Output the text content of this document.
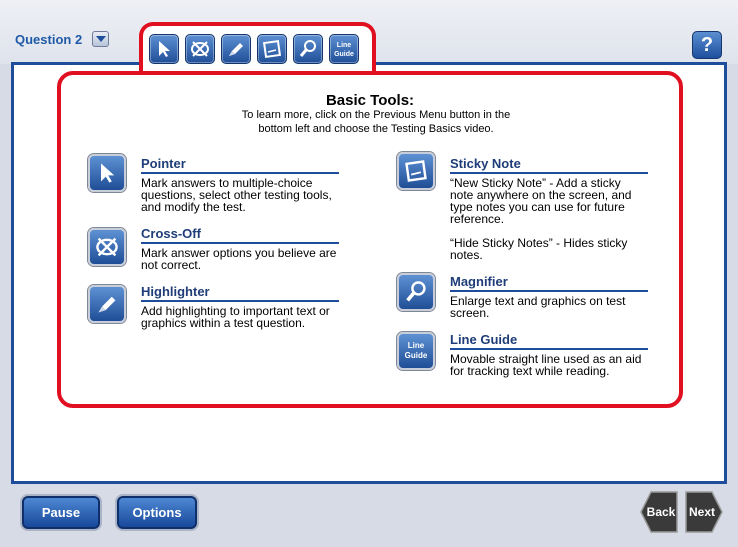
Question 2	?
Line
Guide
Basic Tools:
To learn more, click on the Previous Menu button in the bottom left and choose the Testing Basics video.
Pointer
Mark answers to multiple-choice questions, select other testing tools, and modify the test.
Cross-Off
Mark answer options you believe are not correct.
Highlighter
Add highlighting to important text or graphics within a test question.
Sticky Note
“New Sticky Note” - Add a sticky note anywhere on the screen, and type notes you can use for future reference.
“Hide Sticky Notes” - Hides sticky notes.
Magnifier
Enlarge text and graphics on test screen.
Line
Guide
Line Guide
Movable straight line used as an aid for tracking text while reading.
Pause	Options	Back	Next
